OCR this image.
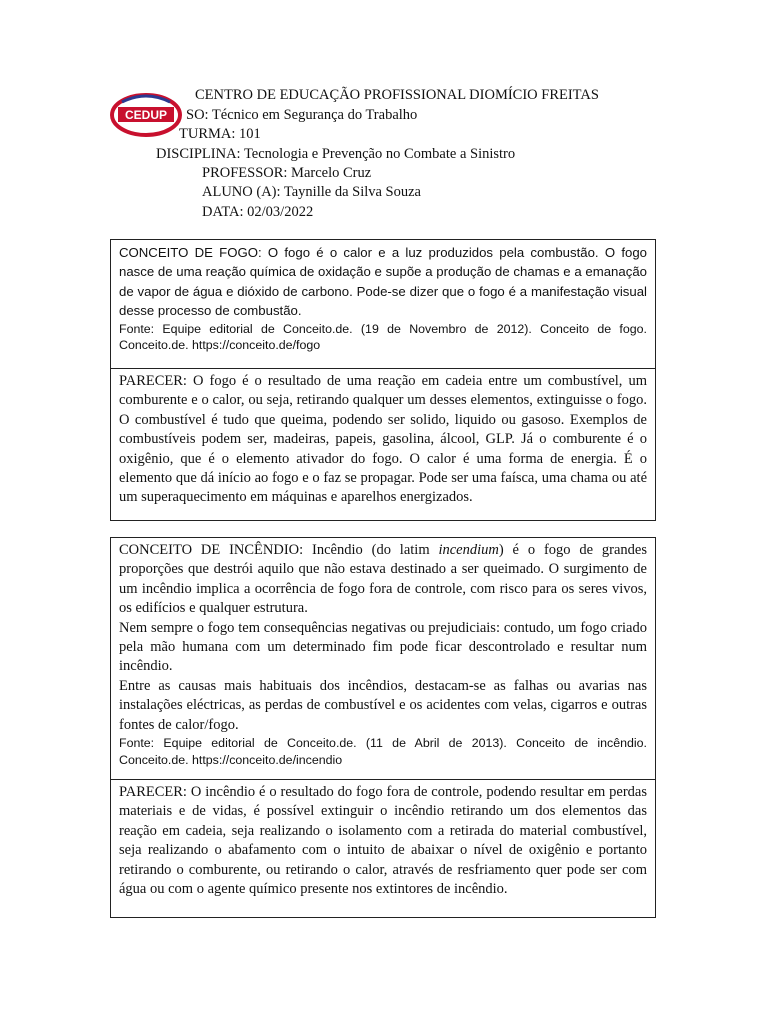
CEDUP
CENTRO DE EDUCAÇÃO PROFISSIONAL DIOMÍCIO FREITAS
SO: Técnico em Segurança do Trabalho
TURMA: 101
DISCIPLINA: Tecnologia e Prevenção no Combate a Sinistro
PROFESSOR: Marcelo Cruz
ALUNO (A): Taynille da Silva Souza
DATA: 02/03/2022

CONCEITO DE FOGO: O fogo é o calor e a luz produzidos pela combustão. O fogo nasce de uma reação química de oxidação e supõe a produção de chamas e a emanação de vapor de água e dióxido de carbono. Pode-se dizer que o fogo é a manifestação visual desse processo de combustão.

Fonte: Equipe editorial de Conceito.de. (19 de Novembro de 2012). Conceito de fogo. Conceito.de. https://conceito.de/fogo

PARECER: O fogo é o resultado de uma reação em cadeia entre um combustível, um comburente e o calor, ou seja, retirando qualquer um desses elementos, extinguisse o fogo. O combustível é tudo que queima, podendo ser solido, liquido ou gasoso. Exemplos de combustíveis podem ser, madeiras, papeis, gasolina, álcool, GLP. Já o comburente é o oxigênio, que é o elemento ativador do fogo. O calor é uma forma de energia. É o elemento que dá início ao fogo e o faz se propagar. Pode ser uma faísca, uma chama ou até um superaquecimento em máquinas e aparelhos energizados.

CONCEITO DE INCÊNDIO: Incêndio (do latim incendium) é o fogo de grandes proporções que destrói aquilo que não estava destinado a ser queimado. O surgimento de um incêndio implica a ocorrência de fogo fora de controle, com risco para os seres vivos, os edifícios e qualquer estrutura.

Nem sempre o fogo tem consequências negativas ou prejudiciais: contudo, um fogo criado pela mão humana com um determinado fim pode ficar descontrolado e resultar num incêndio.

Entre as causas mais habituais dos incêndios, destacam-se as falhas ou avarias nas instalações eléctricas, as perdas de combustível e os acidentes com velas, cigarros e outras fontes de calor/fogo.

Fonte: Equipe editorial de Conceito.de. (11 de Abril de 2013). Conceito de incêndio. Conceito.de. https://conceito.de/incendio

PARECER: O incêndio é o resultado do fogo fora de controle, podendo resultar em perdas materiais e de vidas, é possível extinguir o incêndio retirando um dos elementos das reação em cadeia, seja realizando o isolamento com a retirada do material combustível, seja realizando o abafamento com o intuito de abaixar o nível de oxigênio e portanto retirando o comburente, ou retirando o calor, através de resfriamento quer pode ser com água ou com o agente químico presente nos extintores de incêndio.
